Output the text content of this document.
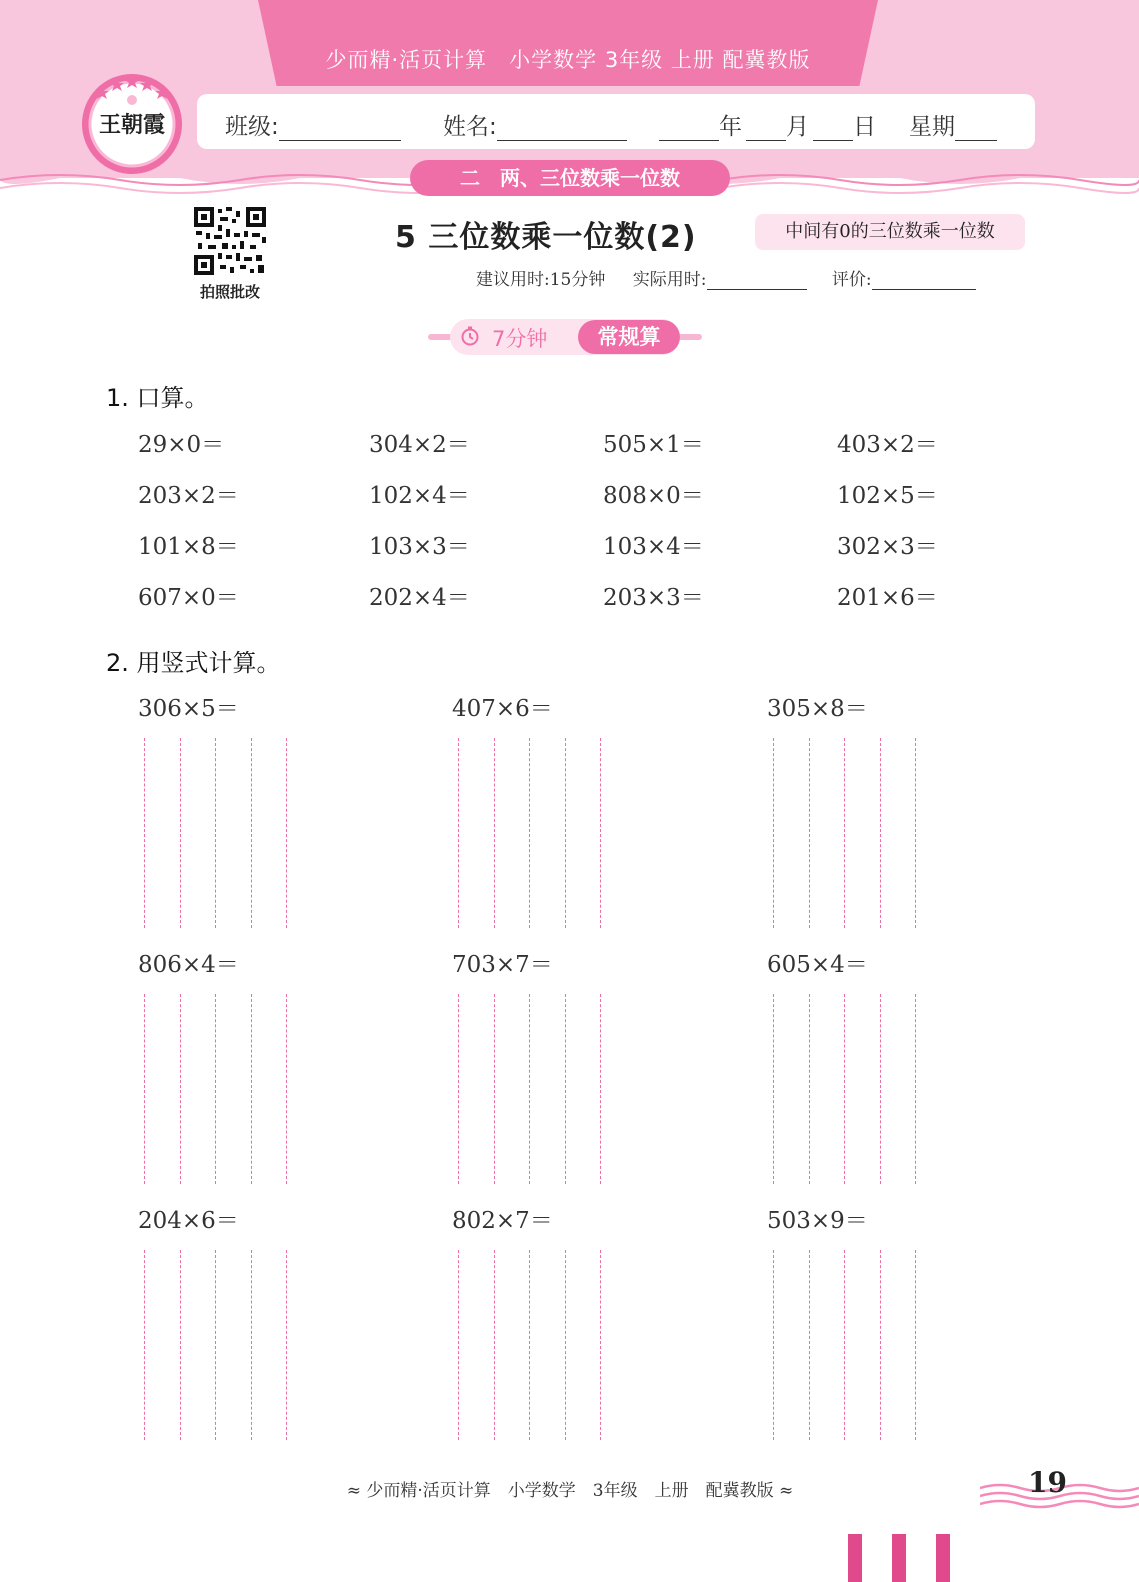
少而精·活页计算　小学数学 3年级 上册 配冀教版
班级:	姓名:	年 月 日 星期
二　两、三位数乘一位数
王朝霞
拍照批改
5 三位数乘一位数(2)	中间有0的三位数乘一位数
建议用时:15分钟 实际用时:	评价:
7分钟	常规算
1. 口算。
29×0＝	304×2＝	505×1＝	403×2＝
203×2＝	102×4＝	808×0＝	102×5＝
101×8＝	103×3＝	103×4＝	302×3＝
607×0＝	202×4＝	203×3＝	201×6＝
2. 用竖式计算。
306×5＝	407×6＝	305×8＝
806×4＝	703×7＝	605×4＝
204×6＝	802×7＝	503×9＝
≈ 少而精·活页计算　小学数学　3年级　上册　配冀教版 ≈	19
